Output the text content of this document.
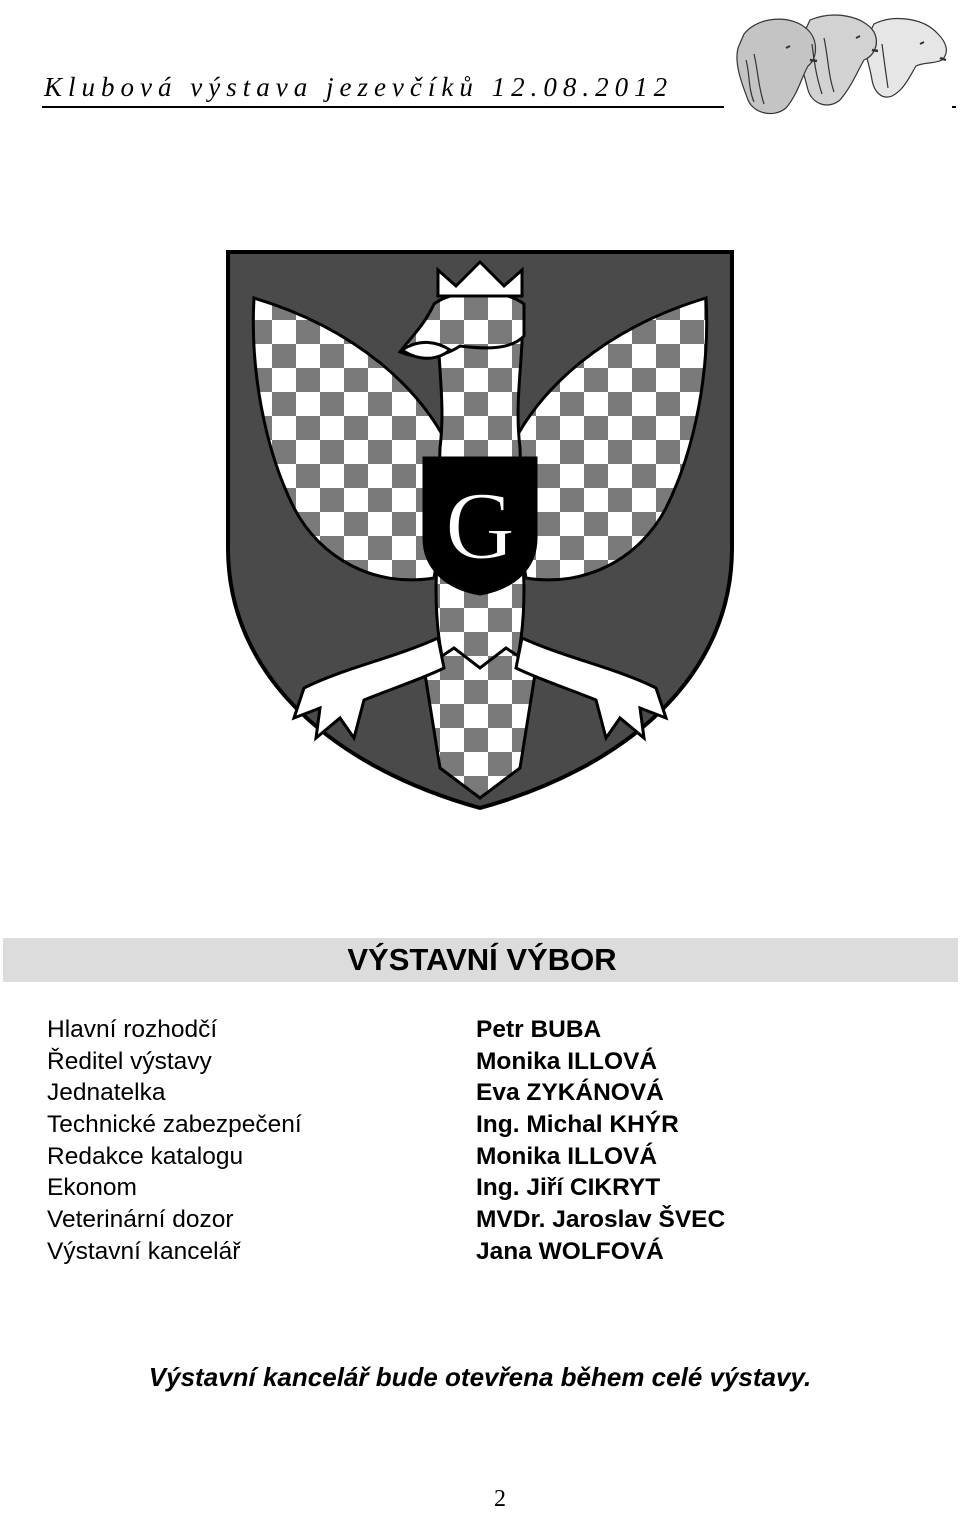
Klubová výstava jezevčíků 12.08.2012
G
VÝSTAVNÍ VÝBOR
Hlavní rozhodčí
Ředitel výstavy
Jednatelka
Technické zabezpečení
Redakce katalogu
Ekonom
Veterinární dozor
Výstavní kancelář
Petr BUBA
Monika ILLOVÁ
Eva ZYKÁNOVÁ
Ing. Michal KHÝR
Monika ILLOVÁ
Ing. Jiří CIKRYT
MVDr. Jaroslav ŠVEC
Jana WOLFOVÁ
Výstavní kancelář bude otevřena během celé výstavy.
2
